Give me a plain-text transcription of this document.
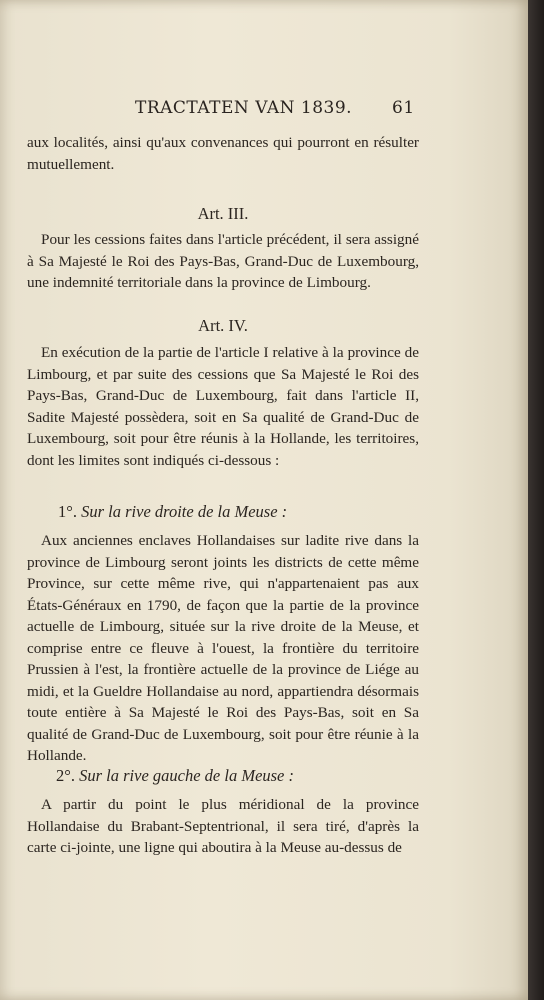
TRACTATEN VAN 1839. 61

aux localités, ainsi qu'aux convenances qui pourront en résulter mutuellement.

Art. III.

Pour les cessions faites dans l'article précédent, il sera assigné à Sa Majesté le Roi des Pays-Bas, Grand-Duc de Luxembourg, une indemnité territoriale dans la province de Limbourg.

Art. IV.

En exécution de la partie de l'article I relative à la province de Limbourg, et par suite des cessions que Sa Majesté le Roi des Pays-Bas, Grand-Duc de Luxembourg, fait dans l'article II, Sadite Majesté possèdera, soit en Sa qualité de Grand-Duc de Luxembourg, soit pour être réunis à la Hollande, les territoires, dont les limites sont indiqués ci-dessous :

1°. Sur la rive droite de la Meuse :

Aux anciennes enclaves Hollandaises sur ladite rive dans la province de Limbourg seront joints les districts de cette même Province, sur cette même rive, qui n'appartenaient pas aux États-Généraux en 1790, de façon que la partie de la province actuelle de Limbourg, située sur la rive droite de la Meuse, et comprise entre ce fleuve à l'ouest, la frontière du territoire Prussien à l'est, la frontière actuelle de la province de Liége au midi, et la Gueldre Hollandaise au nord, appartiendra désormais toute entière à Sa Majesté le Roi des Pays-Bas, soit en Sa qualité de Grand-Duc de Luxembourg, soit pour être réunie à la Hollande.

2°. Sur la rive gauche de la Meuse :

A partir du point le plus méridional de la province Hollandaise du Brabant-Septentrional, il sera tiré, d'après la carte ci-jointe, une ligne qui aboutira à la Meuse au-dessus de
